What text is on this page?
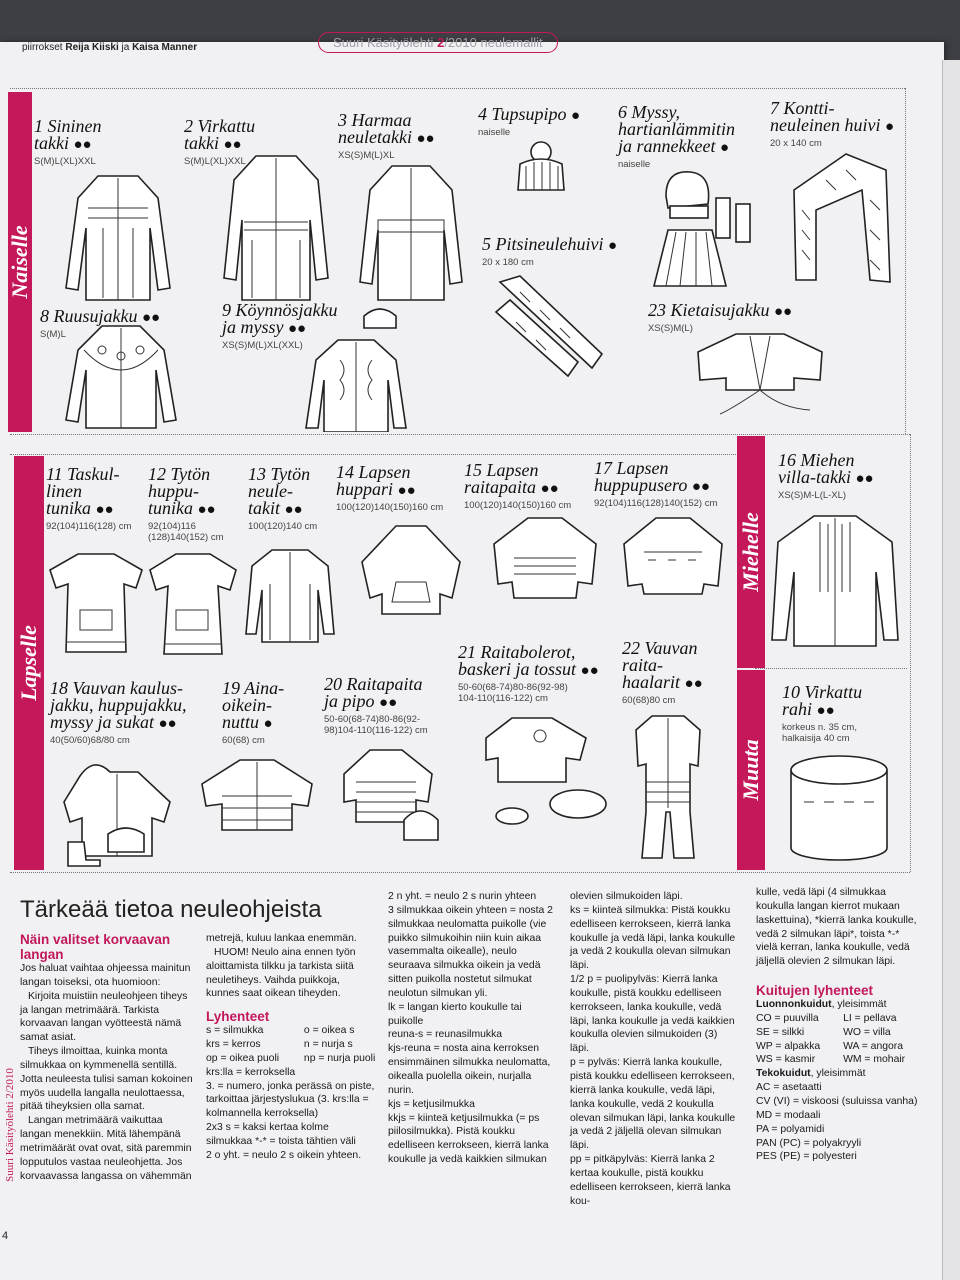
piirrokset Reija Kiiski ja Kaisa Manner	Suuri Käsityölehti 2/2010 neulemallit
Naiselle
Lapselle
Miehelle
Muuta
1 Sininen
takki ●●
S(M)L(XL)XXL
2 Virkattu
takki ●●
S(M)L(XL)XXL
3 Harmaa
neuletakki ●●
XS(S)M(L)XL
4 Tupsupipo ●
naiselle
6 Myssy,
hartianlämmitin
ja rannekkeet ●
naiselle
7 Kontti-
neuleinen huivi ●
20 x 140 cm
5 Pitsineulehuivi ●
20 x 180 cm
8 Ruusujakku ●●
S(M)L
9 Köynnösjakku
ja myssy ●●
XS(S)M(L)XL(XXL)
23 Kietaisujakku ●●
XS(S)M(L)
11 Taskul-
linen
tunika ●●
92(104)116(128) cm
12 Tytön
huppu-
tunika ●●
92(104)116
(128)140(152) cm
13 Tytön
neule-
takit ●●
100(120)140 cm
14 Lapsen
huppari ●●
100(120)140(150)160 cm
15 Lapsen
raitapaita ●●
100(120)140(150)160 cm
17 Lapsen
huppupusero ●●
92(104)116(128)140(152) cm
16 Miehen
villa-takki ●●
XS(S)M-L(L-XL)
18 Vauvan kaulus-
jakku, huppujakku,
myssy ja sukat ●●
40(50/60)68/80 cm
19 Aina-
oikein-
nuttu ●
60(68) cm
20 Raitapaita
ja pipo ●●
50-60(68-74)80-86(92-
98)104-110(116-122) cm
21 Raitabolerot,
baskeri ja tossut ●●
50-60(68-74)80-86(92-98)
104-110(116-122) cm
22 Vauvan
raita-
haalarit ●●
60(68)80 cm	10 Virkattu
rahi ●●
korkeus n. 35 cm,
halkaisija 40 cm
Tärkeää tietoa neuleohjeista
Näin valitset korvaavan langan

Jos haluat vaihtaa ohjeessa mainitun langan toiseksi, ota huomioon:

Kirjoita muistiin neuleohjeen tiheys ja langan metrimäärä. Tarkista korvaavan langan vyötteestä nämä samat asiat.

Tiheys ilmoittaa, kuinka monta silmukkaa on kymmenellä sentillä. Jotta neuleesta tulisi saman kokoinen myös uudella langalla neulottaessa, pitää tiheyksien olla samat.

Langan metrimäärä vaikuttaa langan menekkiin. Mitä lähempänä metrimäärät ovat ovat, sitä paremmin lopputulos vastaa neuleohjetta. Jos korvaavassa langassa on vähemmän

metrejä, kuluu lankaa enemmän.

HUOM! Neulo aina ennen työn aloittamista tilkku ja tarkista siitä neuletiheys. Vaihda puikkoja, kunnes saat oikean tiheyden.

Lyhenteet
s = silmukka	o = oikea s
krs = kerros	n = nurja s
op = oikea puoli	np = nurja puoli
krs:lla = kerroksella

3. = numero, jonka perässä on piste, tarkoittaa järjestyslukua (3. krs:lla = kolmannella kerroksella)

2x3 s = kaksi kertaa kolme silmukkaa *-* = toista tähtien väli

2 o yht. = neulo 2 s oikein yhteen.

2 n yht. = neulo 2 s nurin yhteen

3 silmukkaa oikein yhteen = nosta 2 silmukkaa neulomatta puikolle (vie puikko silmukoihin niin kuin aikaa vasemmalta oikealle), neulo seuraava silmukka oikein ja vedä sitten puikolla nostetut silmukat neulotun silmukan yli.

lk = langan kierto koukulle tai puikolle

reuna-s = reunasilmukka

kjs-reuna = nosta aina kerroksen ensimmäinen silmukka neulomatta, oikealla puolella oikein, nurjalla nurin.

kjs = ketjusilmukka

kkjs = kiinteä ketjusilmukka (= ps piilosilmukka). Pistä koukku edelliseen kerrokseen, kierrä lanka koukulle ja vedä kaikkien silmukan

olevien silmukoiden läpi.

ks = kiinteä silmukka: Pistä koukku edelliseen kerrokseen, kierrä lanka koukulle ja vedä läpi, lanka koukulle ja vedä 2 koukulla olevan silmukan läpi.

1/2 p = puolipylväs: Kierrä lanka koukulle, pistä koukku edelliseen kerrokseen, lanka koukulle, vedä läpi, lanka koukulle ja vedä kaikkien koukulla olevien silmukoiden (3) läpi.

p = pylväs: Kierrä lanka koukulle, pistä koukku edelliseen kerrokseen, kierrä lanka koukulle, vedä läpi, lanka koukulle, vedä 2 koukulla olevan silmukan läpi, lanka koukulle ja vedä 2 jäljellä olevan silmukan läpi.

pp = pitkäpylväs: Kierrä lanka 2 kertaa koukulle, pistä koukku edelliseen kerrokseen, kierrä lanka kou-

kulle, vedä läpi (4 silmukkaa koukulla langan kierrot mukaan laskettuina), *kierrä lanka koukulle, vedä 2 silmukan läpi*, toista *-* vielä kerran, lanka koukulle, vedä jäljellä olevien 2 silmukan läpi.

Kuitujen lyhenteet

Luonnonkuidut, yleisimmät

CO = puuvilla	LI = pellava
SE = silkki	WO = villa
WP = alpakka	WA = angora
WS = kasmir	WM = mohair

Tekokuidut, yleisimmät

AC = asetaatti

CV (VI) = viskoosi (suluissa vanha)

MD = modaali

PA = polyamidi

PAN (PC) = polyakryyli

PES (PE) = polyesteri

Suuri Käsityölehti 2/2010
4
